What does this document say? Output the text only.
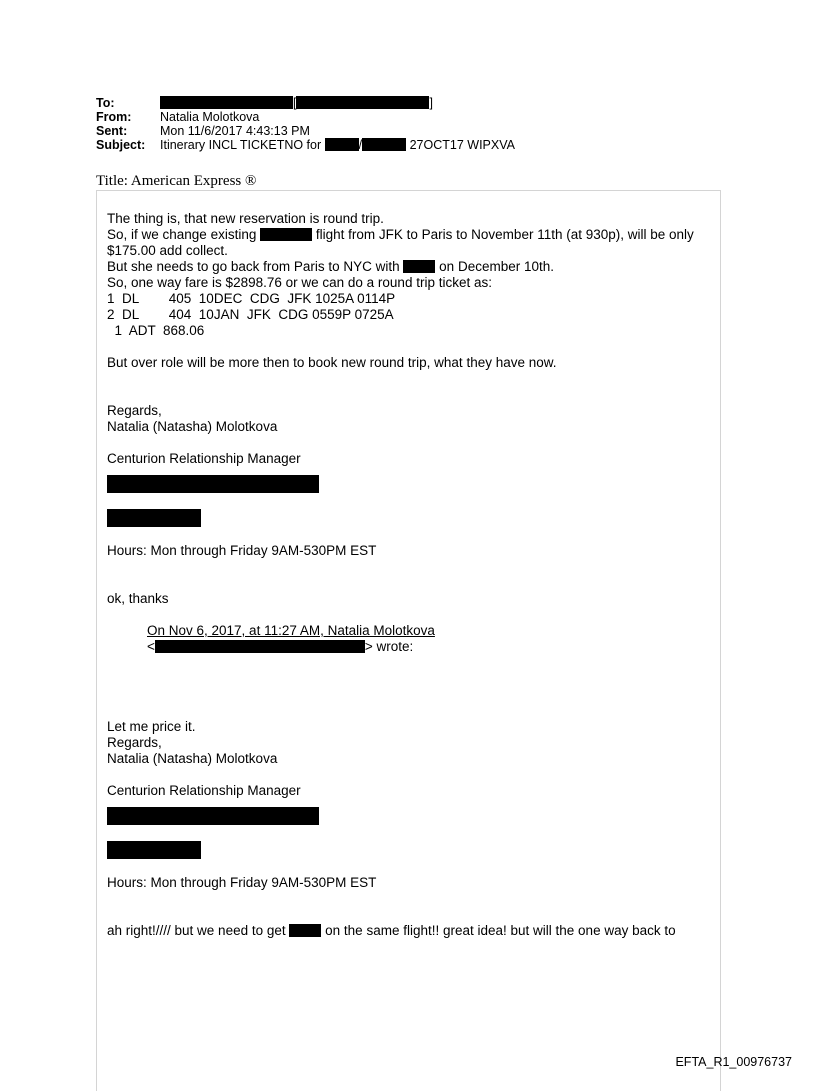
To:	[	]
From: Natalia Molotkova
Sent:	Mon 11/6/2017 4:43:13 PM
Subject: Itinerary INCL TICKETNO for	/	27OCT17 WIPXVA
Title: American Express ®

The thing is, that new reservation is round trip.

So, if we change existing	flight from JFK to Paris to November 11th (at 930p), will be only

$175.00 add collect.

But she needs to go back from Paris to NYC with	on December 10th.

So, one way fare is $2898.76 or we can do a round trip ticket as:

1  DL        405  10DEC  CDG  JFK 1025A 0114P

2  DL        404  10JAN  JFK  CDG 0559P 0725A

1  ADT  868.06

But over role will be more then to book new round trip, what they have now.

Regards,

Natalia (Natasha) Molotkova

Centurion Relationship Manager

Hours: Mon through Friday 9AM-530PM EST

ok, thanks

On Nov 6, 2017, at 11:27 AM, Natalia Molotkova

<	> wrote:

Let me price it.

Regards,

Natalia (Natasha) Molotkova

Centurion Relationship Manager

Hours: Mon through Friday 9AM-530PM EST

ah right!//// but we need to get	on the same flight!! great idea! but will the one way back to

EFTA_R1_00976737
